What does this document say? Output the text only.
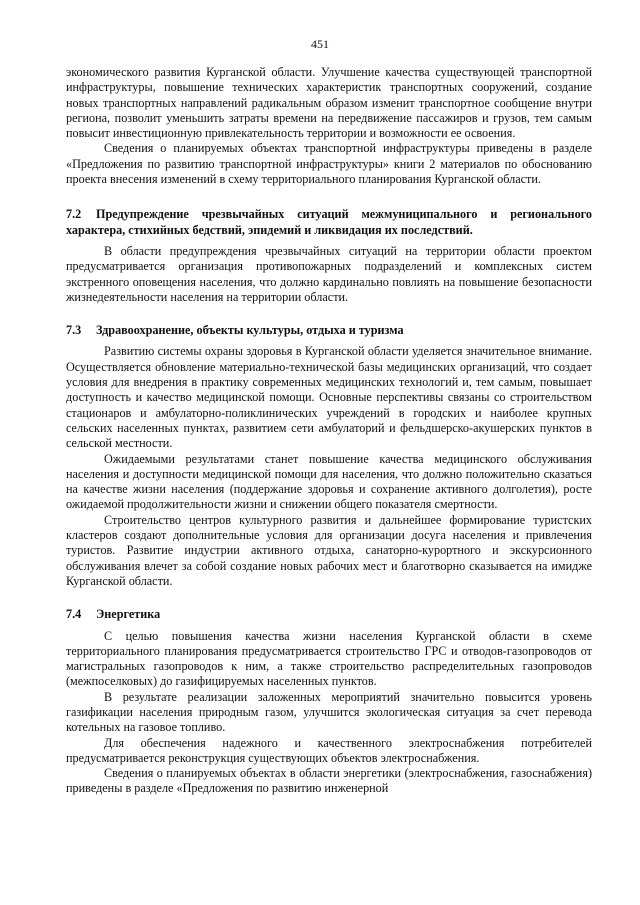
451

экономического развития Курганской области. Улучшение качества существующей транспортной инфраструктуры, повышение технических характеристик транспортных сооружений, создание новых транспортных направлений радикальным образом изменит транспортное сообщение внутри региона, позволит уменьшить затраты времени на передвижение пассажиров и грузов, тем самым повысит инвестиционную привлекательность территории и возможности ее освоения.

Сведения о планируемых объектах транспортной инфраструктуры приведены в разделе «Предложения по развитию транспортной инфраструктуры» книги 2 материалов по обоснованию проекта внесения изменений в схему территориального планирования Курганской области.

7.2 Предупреждение чрезвычайных ситуаций межмуниципального и регионального характера, стихийных бедствий, эпидемий и ликвидация их последствий.

В области предупреждения чрезвычайных ситуаций на территории области проектом предусматривается организация противопожарных подразделений и комплексных систем экстренного оповещения населения, что должно кардинально повлиять на повышение безопасности жизнедеятельности населения на территории области.

7.3 Здравоохранение, объекты культуры, отдыха и туризма

Развитию системы охраны здоровья в Курганской области уделяется значительное внимание. Осуществляется обновление материально-технической базы медицинских организаций, что создает условия для внедрения в практику современных медицинских технологий и, тем самым, повышает доступность и качество медицинской помощи. Основные перспективы связаны со строительством стационаров и амбулаторно-поликлинических учреждений в городских и наиболее крупных сельских населенных пунктах, развитием сети амбулаторий и фельдшерско-акушерских пунктов в сельской местности.

Ожидаемыми результатами станет повышение качества медицинского обслуживания населения и доступности медицинской помощи для населения, что должно положительно сказаться на качестве жизни населения (поддержание здоровья и сохранение активного долголетия), росте ожидаемой продолжительности жизни и снижении общего показателя смертности.

Строительство центров культурного развития и дальнейшее формирование туристских кластеров создают дополнительные условия для организации досуга населения и привлечения туристов. Развитие индустрии активного отдыха, санаторно-курортного и экскурсионного обслуживания влечет за собой создание новых рабочих мест и благотворно сказывается на имидже Курганской области.

7.4 Энергетика

С целью повышения качества жизни населения Курганской области в схеме территориального планирования предусматривается строительство ГРС и отводов-газопроводов от магистральных газопроводов к ним, а также строительство распределительных газопроводов (межпоселковых) до газифицируемых населенных пунктов.

В результате реализации заложенных мероприятий значительно повысится уровень газификации населения природным газом, улучшится экологическая ситуация за счет перевода котельных на газовое топливо.

Для обеспечения надежного и качественного электроснабжения потребителей предусматривается реконструкция существующих объектов электроснабжения.

Сведения о планируемых объектах в области энергетики (электроснабжения, газоснабжения) приведены в разделе «Предложения по развитию инженерной
